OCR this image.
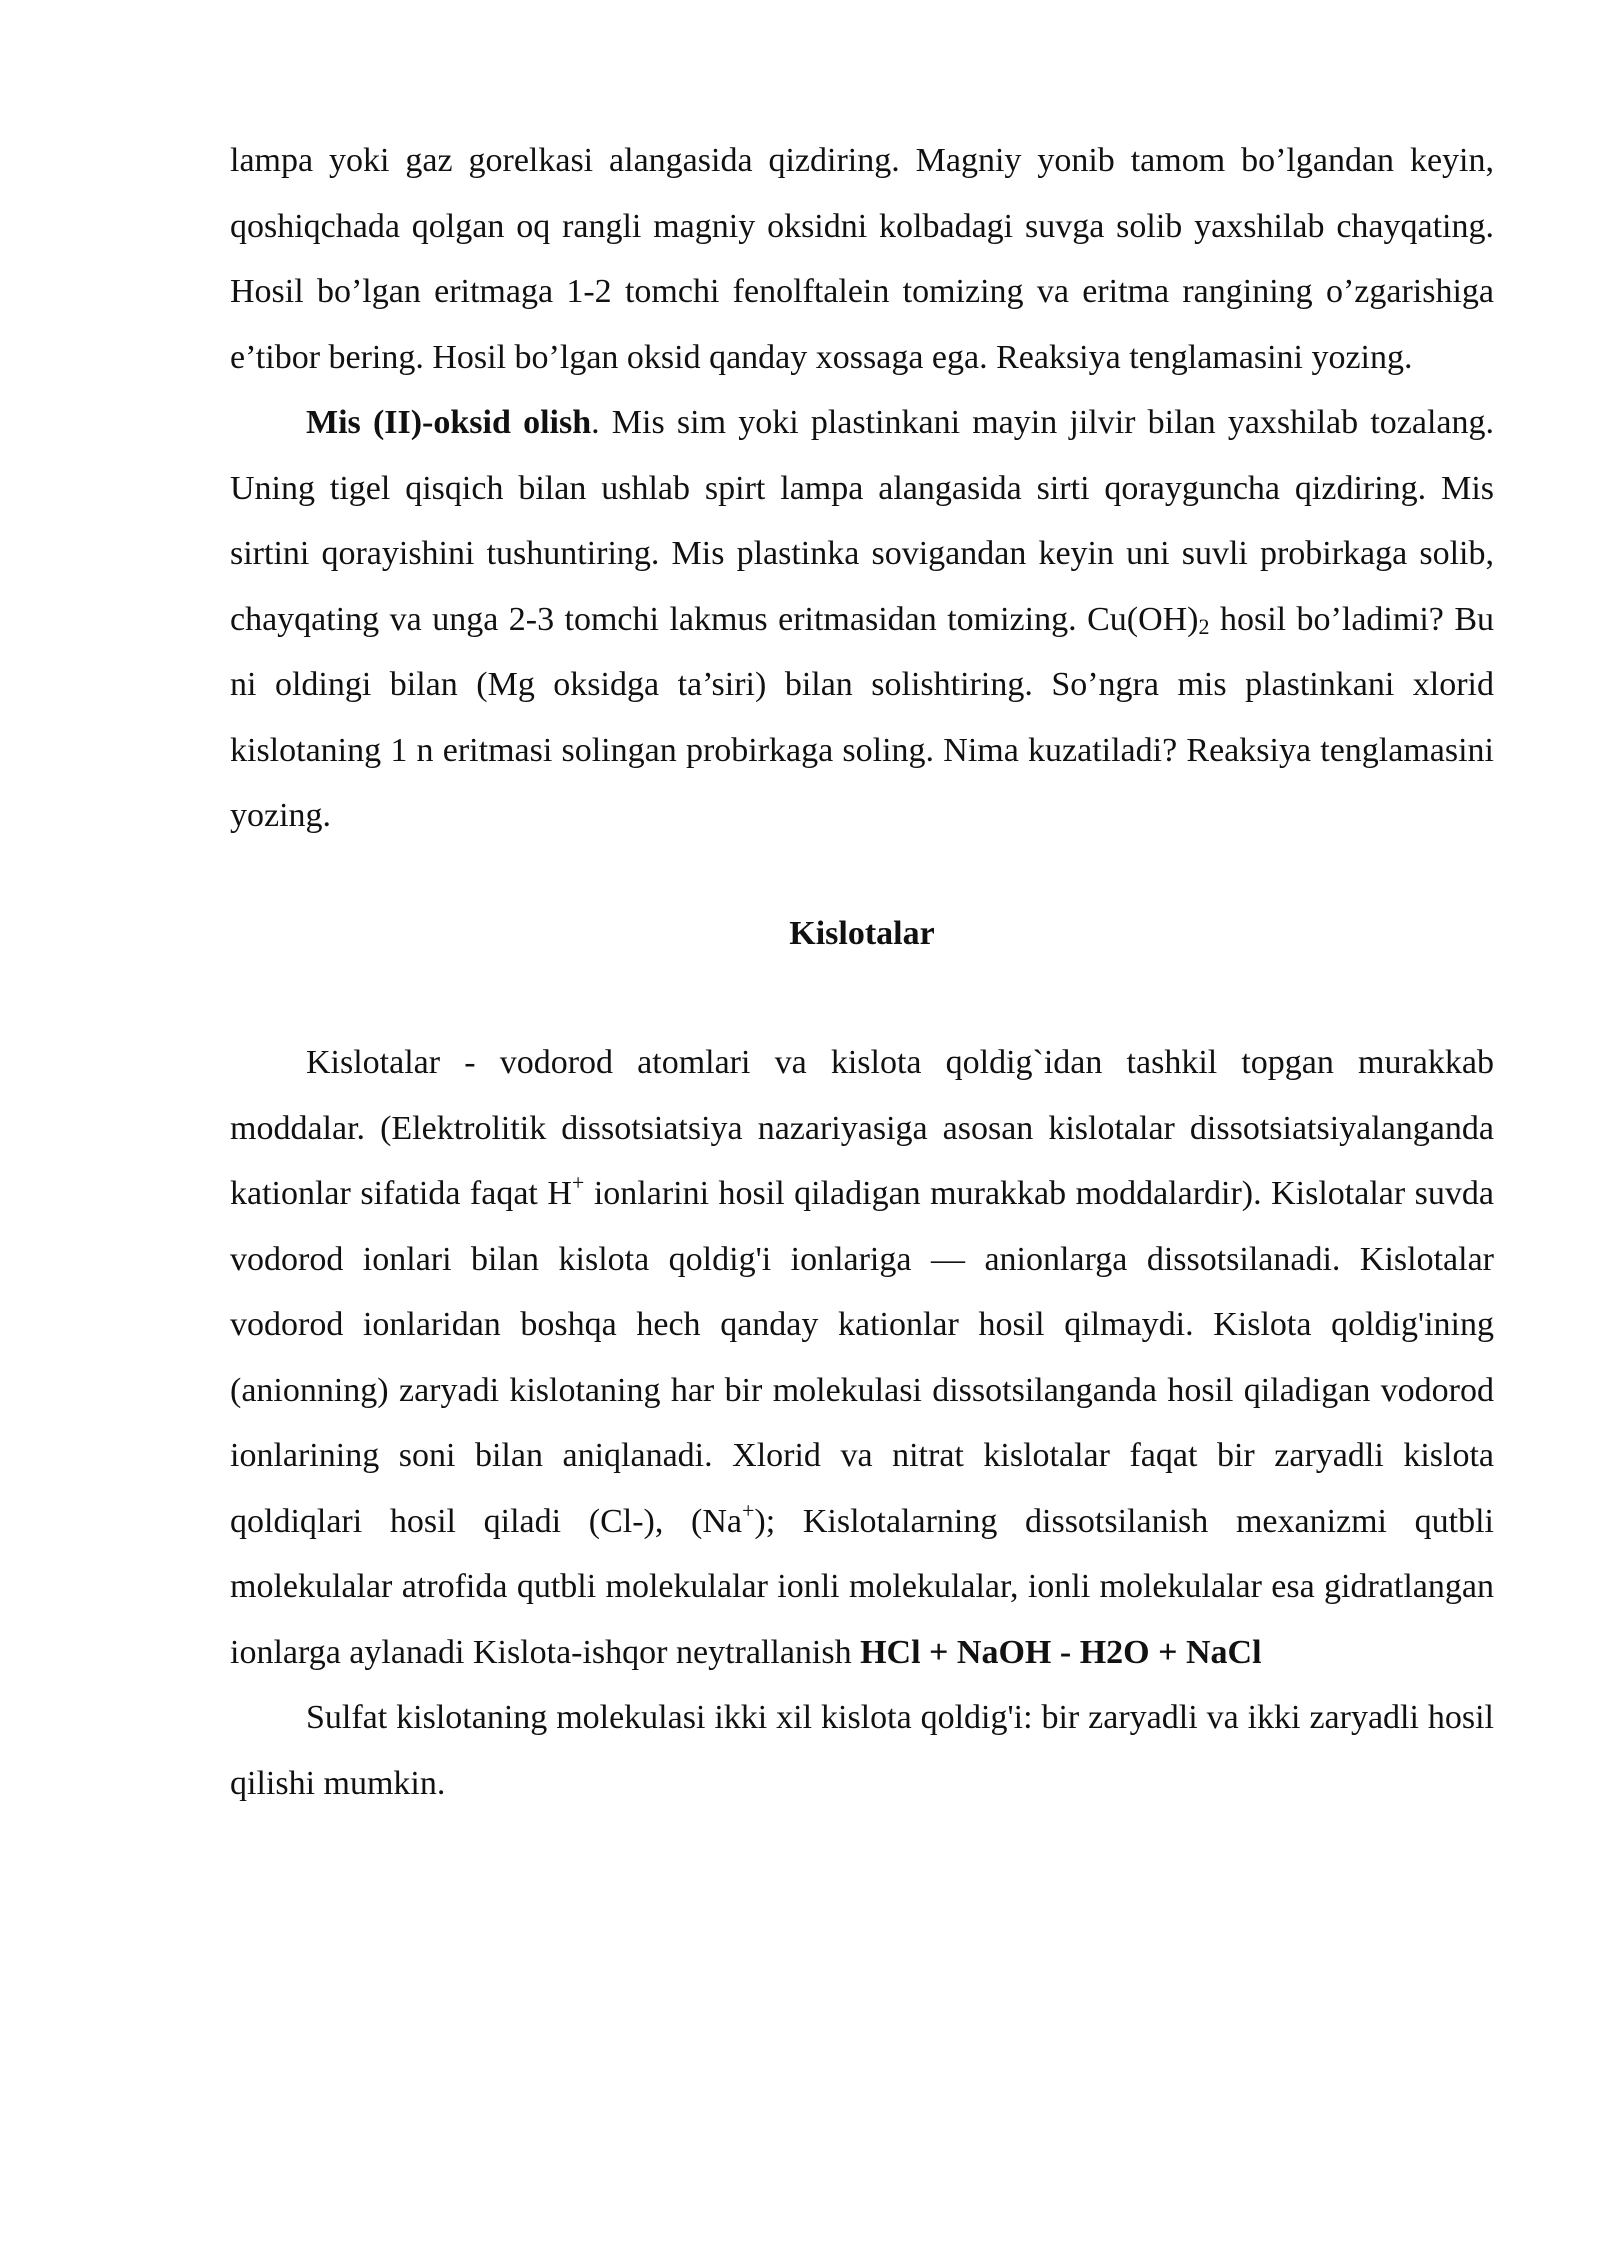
lampa yoki gaz gorelkasi alangasida qizdiring. Magniy yonib tamom bo’lgandan keyin, qoshiqchada qolgan oq rangli magniy oksidni kolbadagi suvga solib yaxshilab chayqating. Hosil bo’lgan eritmaga 1-2 tomchi fenolftalein tomizing va eritma rangining o’zgarishiga e’tibor bering. Hosil bo’lgan oksid qanday xossaga ega. Reaksiya tenglamasini yozing.

Mis (II)-oksid olish. Mis sim yoki plastinkani mayin jilvir bilan yaxshilab tozalang. Uning tigel qisqich bilan ushlab spirt lampa alangasida sirti qorayguncha qizdiring. Mis sirtini qorayishini tushuntiring. Mis plastinka sovigandan keyin uni suvli probirkaga solib, chayqating va unga 2-3 tomchi lakmus eritmasidan tomizing. $Cu(OH)_2$ hosil bo’ladimi? Bu ni oldingi bilan (Mg oksidga ta’siri) bilan solishtiring. So’ngra mis plastinkani xlorid kislotaning 1 n eritmasi solingan probirkaga soling. Nima kuzatiladi? Reaksiya tenglamasini yozing.

Kislotalar

Kislotalar - vodorod atomlari va kislota qoldig`idan tashkil topgan murakkab moddalar. (Elektrolitik dissotsiatsiya nazariyasiga asosan kislotalar dissotsiatsiyalanganda kationlar sifatida faqat H+ ionlarini hosil qiladigan murakkab moddalardir). Kislotalar suvda vodorod ionlari bilan kislota qoldig'i ionlariga — anionlarga dissotsilanadi. Kislotalar vodorod ionlaridan boshqa hech qanday kationlar hosil qilmaydi. Kislota qoldig'ining (anionning) zaryadi kislotaning har bir molekulasi dissotsilanganda hosil qiladigan vodorod ionlarining soni bilan aniqlanadi. Xlorid va nitrat kislotalar faqat bir zaryadli kislota qoldiqlari hosil qiladi (Cl-), (Na+); Kislotalarning dissotsilanish mexanizmi qutbli molekulalar atrofida qutbli molekulalar ionli molekulalar, ionli molekulalar esa gidratlangan ionlarga aylanadi Kislota-ishqor neytrallanish HCl + NaOH - H2O + NaCl

Sulfat kislotaning molekulasi ikki xil kislota qoldig'i: bir zaryadli va ikki zaryadli hosil qilishi mumkin.
